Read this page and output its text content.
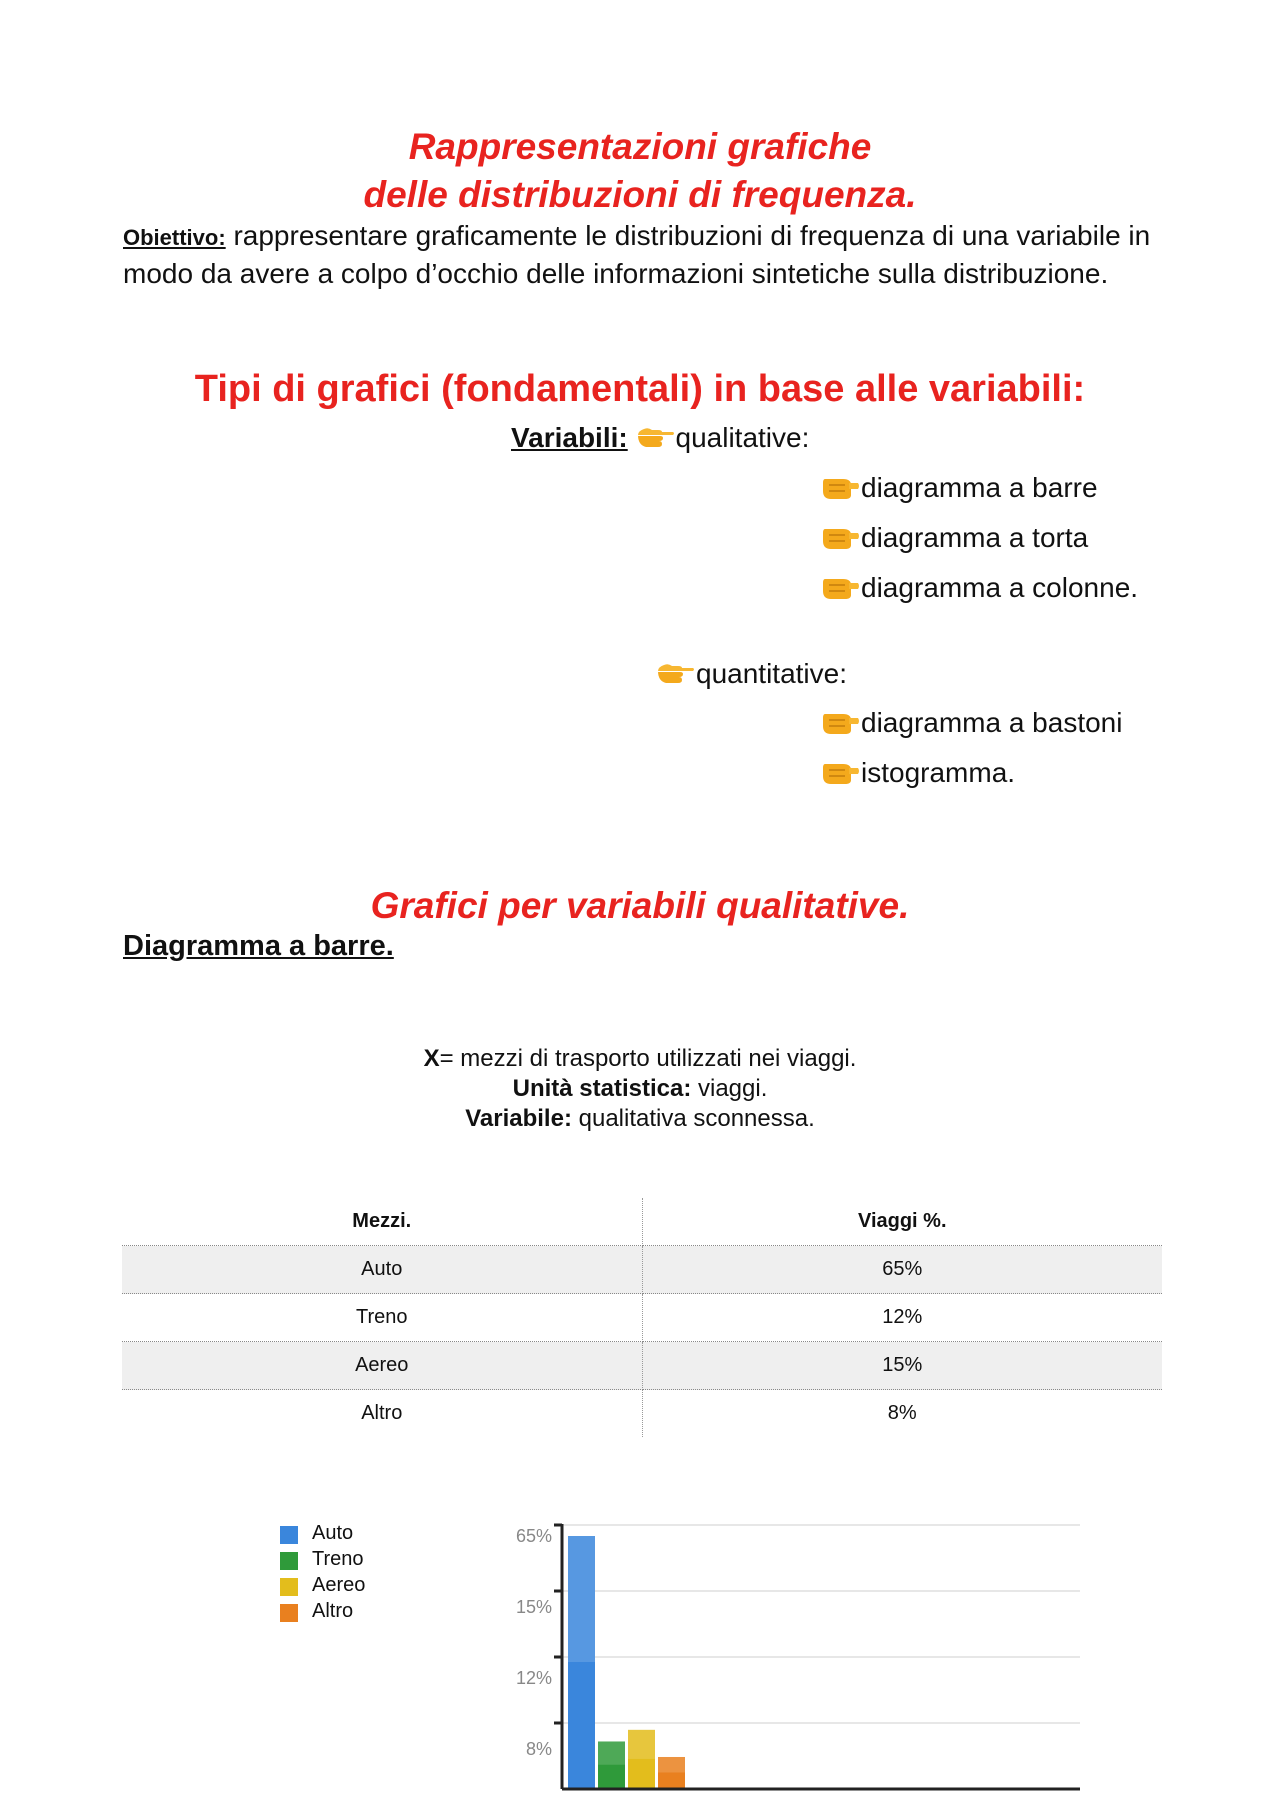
Rappresentazioni grafiche
delle distribuzioni di frequenza.
Obiettivo: rappresentare graficamente le distribuzioni di frequenza di una variabile in modo da avere a colpo d’occhio delle informazioni sintetiche sulla distribuzione.
Tipi di grafici (fondamentali) in base alle variabili:
Variabili: qualitative:
diagramma a barre
diagramma a torta
diagramma a colonne.
quantitative:
diagramma a bastoni
istogramma.
Grafici per variabili qualitative.
Diagramma a barre.
X= mezzi di trasporto utilizzati nei viaggi.
Unità statistica: viaggi.
Variabile: qualitativa sconnessa.
Mezzi.	Viaggi %.
Auto	65%
Treno	12%
Aereo	15%
Altro	8%
Auto
Treno
Aereo
Altro
65%
15%
12%
8%
